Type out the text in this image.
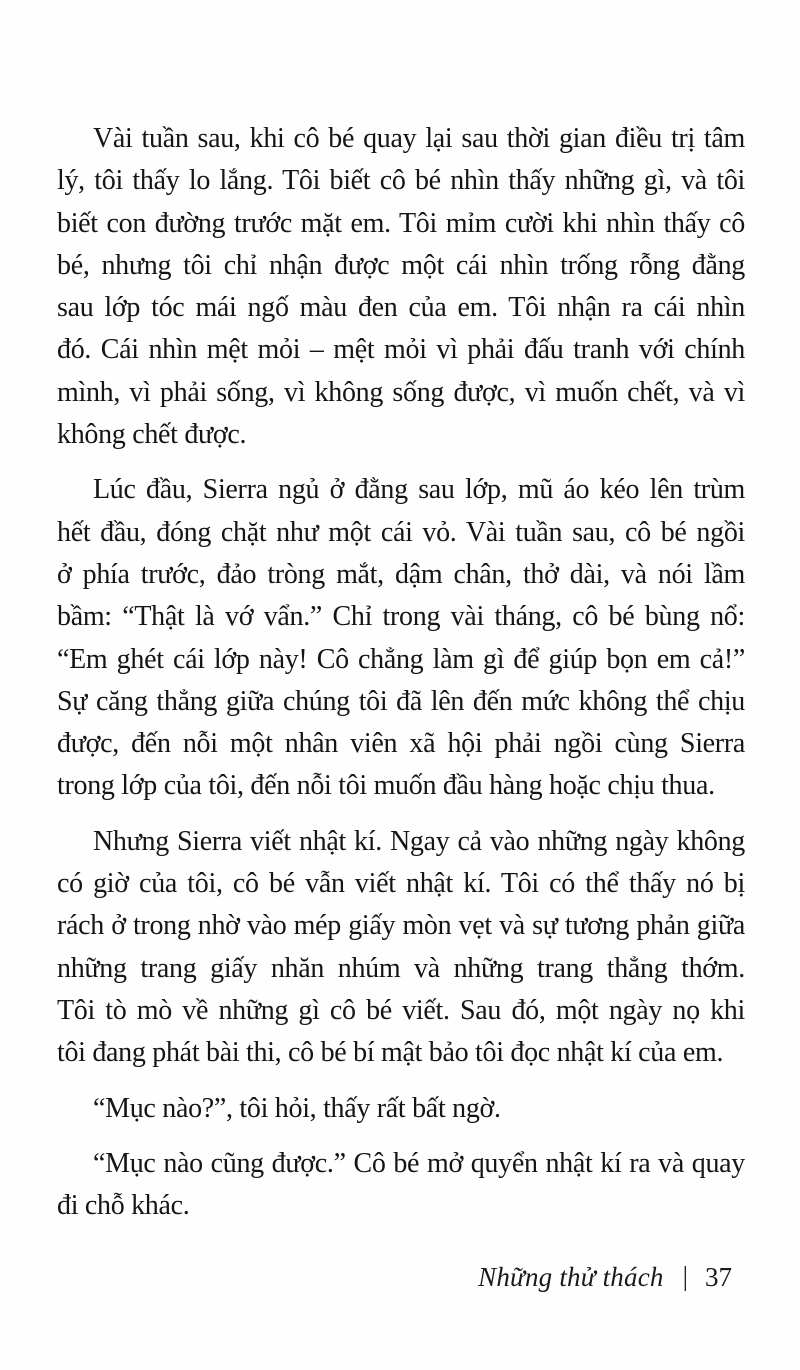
Vài tuần sau, khi cô bé quay lại sau thời gian điều trị tâm
lý, tôi thấy lo lắng. Tôi biết cô bé nhìn thấy những gì, và tôi
biết con đường trước mặt em. Tôi mỉm cười khi nhìn thấy cô
bé, nhưng tôi chỉ nhận được một cái nhìn trống rỗng đằng
sau lớp tóc mái ngố màu đen của em. Tôi nhận ra cái nhìn
đó. Cái nhìn mệt mỏi – mệt mỏi vì phải đấu tranh với chính
mình, vì phải sống, vì không sống được, vì muốn chết, và vì
không chết được.
Lúc đầu, Sierra ngủ ở đằng sau lớp, mũ áo kéo lên trùm
hết đầu, đóng chặt như một cái vỏ. Vài tuần sau, cô bé ngồi
ở phía trước, đảo tròng mắt, dậm chân, thở dài, và nói lầm
bầm: “Thật là vớ vẩn.” Chỉ trong vài tháng, cô bé bùng nổ:
“Em ghét cái lớp này! Cô chẳng làm gì để giúp bọn em cả!”
Sự căng thẳng giữa chúng tôi đã lên đến mức không thể chịu
được, đến nỗi một nhân viên xã hội phải ngồi cùng Sierra
trong lớp của tôi, đến nỗi tôi muốn đầu hàng hoặc chịu thua.
Nhưng Sierra viết nhật kí. Ngay cả vào những ngày không
có giờ của tôi, cô bé vẫn viết nhật kí. Tôi có thể thấy nó bị
rách ở trong nhờ vào mép giấy mòn vẹt và sự tương phản giữa
những trang giấy nhăn nhúm và những trang thẳng thớm.
Tôi tò mò về những gì cô bé viết. Sau đó, một ngày nọ khi
tôi đang phát bài thi, cô bé bí mật bảo tôi đọc nhật kí của em.
“Mục nào?”, tôi hỏi, thấy rất bất ngờ.
“Mục nào cũng được.” Cô bé mở quyển nhật kí ra và quay
đi chỗ khác.
Những thử thách | 37
